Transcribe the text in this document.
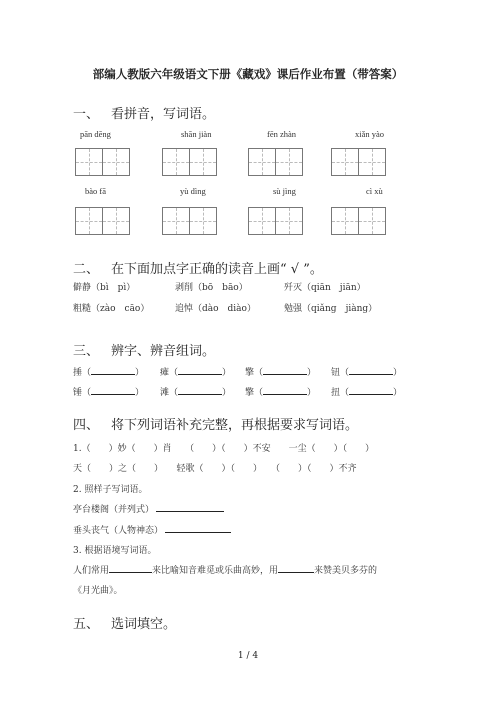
部编人教版六年级语文下册《藏戏》课后作业布置（带答案）
一、 看拼音，写词语。
pān dēng	shān jiàn	fēn zhàn	xiǎn yào
bào fā	yù dìng	sù jìng	cì xù
二、 在下面加点字正确的读音上画“ √ ”。
僻静（bì　pì）	剥削（bō　bāo）	歼灭（qiān　jiān）
粗糙（zào　cāo）	追悼（dào　diào）	勉强（qiǎng　jiàng）
三、 辨字、辨音组词。
捶（	） 瘫（	） 擎（	） 钮（	）
锤（	） 滩（	） 擎（	） 扭（	）
四、 将下列词语补充完整，再根据要求写词语。
1.（　　）妙（　　）肖　　（　　）（　　）不安　　一尘（　　）（　　）
天（　　）之（　　）　　轻歌（　　）（　　）　　（　　）（　　）不齐
2. 照样子写词语。
亭台楼阁（并列式）
垂头丧气（人物神态）
3. 根据语境写词语。
人们常用	来比喻知音难觅或乐曲高妙，用	来赞美贝多芬的
《月光曲》。
五、 选词填空。
1 / 4
